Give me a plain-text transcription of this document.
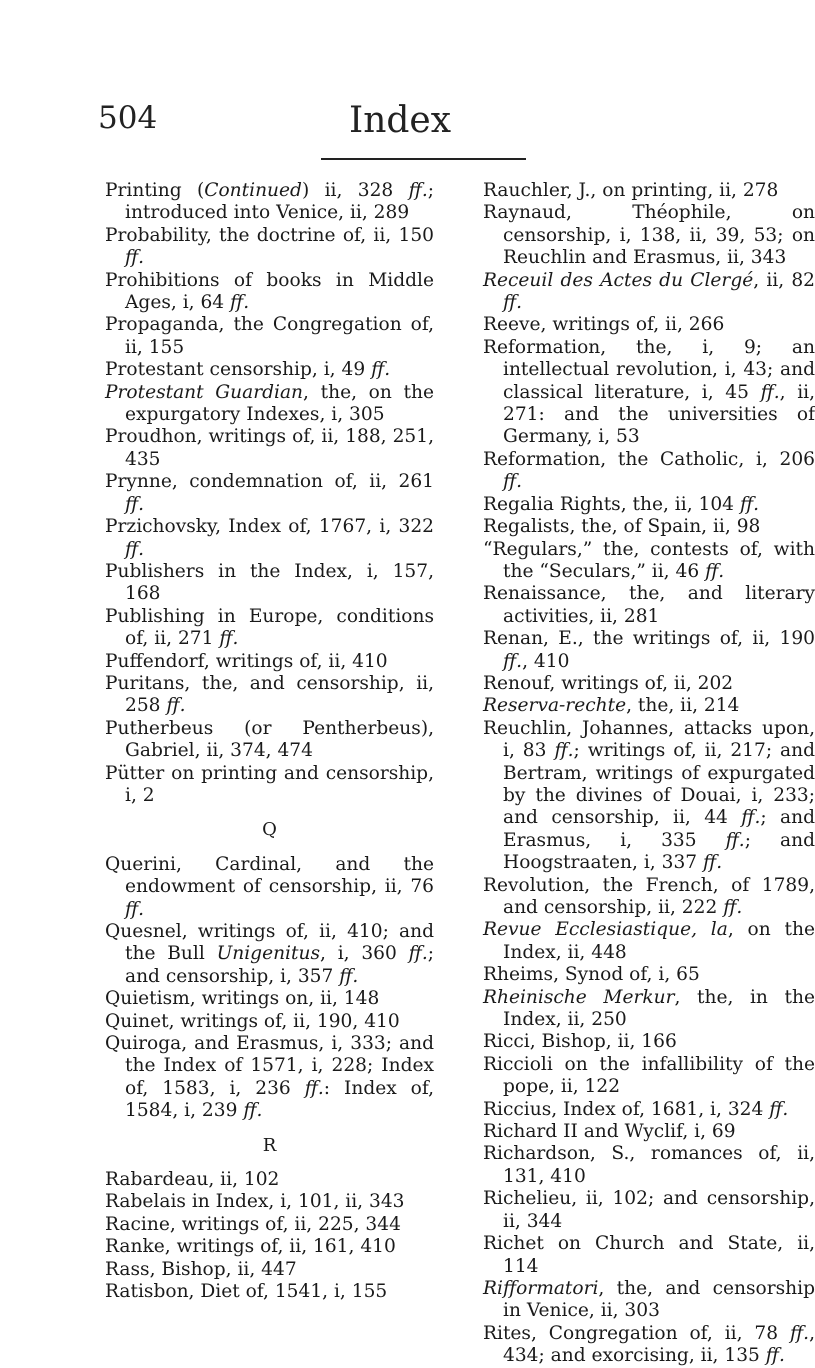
504	Index
Printing (Continued) ii, 328 ff.; introduced into Venice, ii, 289
Probability, the doctrine of, ii, 150 ff.
Prohibitions of books in Middle Ages, i, 64 ff.
Propaganda, the Congregation of, ii, 155
Protestant censorship, i, 49 ff.
Protestant Guardian, the, on the expurgatory Indexes, i, 305
Proudhon, writings of, ii, 188, 251, 435
Prynne, condemnation of, ii, 261 ff.
Przichovsky, Index of, 1767, i, 322 ff.
Publishers in the Index, i, 157, 168
Publishing in Europe, conditions of, ii, 271 ff.
Puffendorf, writings of, ii, 410
Puritans, the, and censorship, ii, 258 ff.
Putherbeus (or Pentherbeus), Gabriel, ii, 374, 474
Pütter on printing and censorship, i, 2
Q
Querini, Cardinal, and the endowment of censorship, ii, 76 ff.
Quesnel, writings of, ii, 410; and the Bull Unigenitus, i, 360 ff.; and censorship, i, 357 ff.
Quietism, writings on, ii, 148
Quinet, writings of, ii, 190, 410
Quiroga, and Erasmus, i, 333; and the Index of 1571, i, 228; Index of, 1583, i, 236 ff.: Index of, 1584, i, 239 ff.
R
Rabardeau, ii, 102
Rabelais in Index, i, 101, ii, 343
Racine, writings of, ii, 225, 344
Ranke, writings of, ii, 161, 410
Rass, Bishop, ii, 447
Ratisbon, Diet of, 1541, i, 155
Rauchler, J., on printing, ii, 278
Raynaud, Théophile, on censorship, i, 138, ii, 39, 53; on Reuchlin and Erasmus, ii, 343
Receuil des Actes du Clergé, ii, 82 ff.
Reeve, writings of, ii, 266
Reformation, the, i, 9; an intellectual revolution, i, 43; and classical literature, i, 45 ff., ii, 271: and the universities of Germany, i, 53
Reformation, the Catholic, i, 206 ff.
Regalia Rights, the, ii, 104 ff.
Regalists, the, of Spain, ii, 98
“Regulars,” the, contests of, with the “Seculars,” ii, 46 ff.
Renaissance, the, and literary activities, ii, 281
Renan, E., the writings of, ii, 190 ff., 410
Renouf, writings of, ii, 202
Reserva-rechte, the, ii, 214
Reuchlin, Johannes, attacks upon, i, 83 ff.; writings of, ii, 217; and Bertram, writings of expurgated by the divines of Douai, i, 233; and censorship, ii, 44 ff.; and Erasmus, i, 335 ff.; and Hoogstraaten, i, 337 ff.
Revolution, the French, of 1789, and censorship, ii, 222 ff.
Revue Ecclesiastique, la, on the Index, ii, 448
Rheims, Synod of, i, 65
Rheinische Merkur, the, in the Index, ii, 250
Ricci, Bishop, ii, 166
Riccioli on the infallibility of the pope, ii, 122
Riccius, Index of, 1681, i, 324 ff.
Richard II and Wyclif, i, 69
Richardson, S., romances of, ii, 131, 410
Richelieu, ii, 102; and censorship, ii, 344
Richet on Church and State, ii, 114
Rifformatori, the, and censorship in Venice, ii, 303
Rites, Congregation of, ii, 78 ff., 434; and exorcising, ii, 135 ff.
